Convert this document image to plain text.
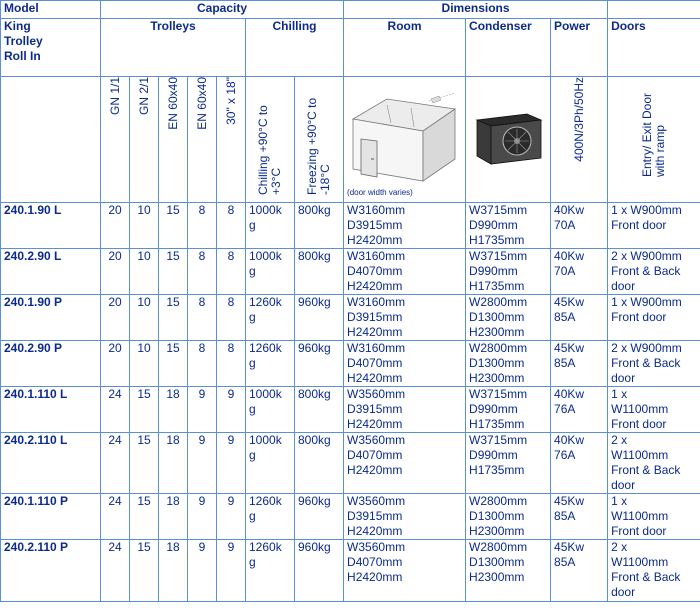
Model	Capacity							Dimensions			

King
Trolley
Roll In	Trolleys					Chilling		Room	Condenser	Power	Doors

	GN 1/1	GN 2/1	EN 60x40	EN 60x40	30" x 18"	Chilling +90°C to +3°C	Freezing +90°C to -18°C	(door width varies)		400N/3Ph/50Hz	Entry/ Exit Door with ramp

240.1.90 L	20	10	15	8	8	1000k
g	800kg	W3160mm
D3915mm
H2420mm	W3715mm
D990mm
H1735mm	40Kw
70A	1 x W900mm
Front door

240.2.90 L	20	10	15	8	8	1000k
g	800kg	W3160mm
D4070mm
H2420mm	W3715mm
D990mm
H1735mm	40Kw
70A	2 x W900mm
Front & Back
door

240.1.90 P	20	10	15	8	8	1260k
g	960kg	W3160mm
D3915mm
H2420mm	W2800mm
D1300mm
H2300mm	45Kw
85A	1 x W900mm
Front door

240.2.90 P	20	10	15	8	8	1260k
g	960kg	W3160mm
D4070mm
H2420mm	W2800mm
D1300mm
H2300mm	45Kw
85A	2 x W900mm
Front & Back
door

240.1.110 L	24	15	18	9	9	1000k
g	800kg	W3560mm
D3915mm
H2420mm	W3715mm
D990mm
H1735mm	40Kw
76A	1 x
W1100mm
Front door

240.2.110 L	24	15	18	9	9	1000k
g	800kg	W3560mm
D4070mm
H2420mm	W3715mm
D990mm
H1735mm	40Kw
76A	2 x
W1100mm
Front & Back
door

240.1.110 P	24	15	18	9	9	1260k
g	960kg	W3560mm
D3915mm
H2420mm	W2800mm
D1300mm
H2300mm	45Kw
85A	1 x
W1100mm
Front door

240.2.110 P	24	15	18	9	9	1260k
g	960kg	W3560mm
D4070mm
H2420mm	W2800mm
D1300mm
H2300mm	45Kw
85A	2 x
W1100mm
Front & Back
door
